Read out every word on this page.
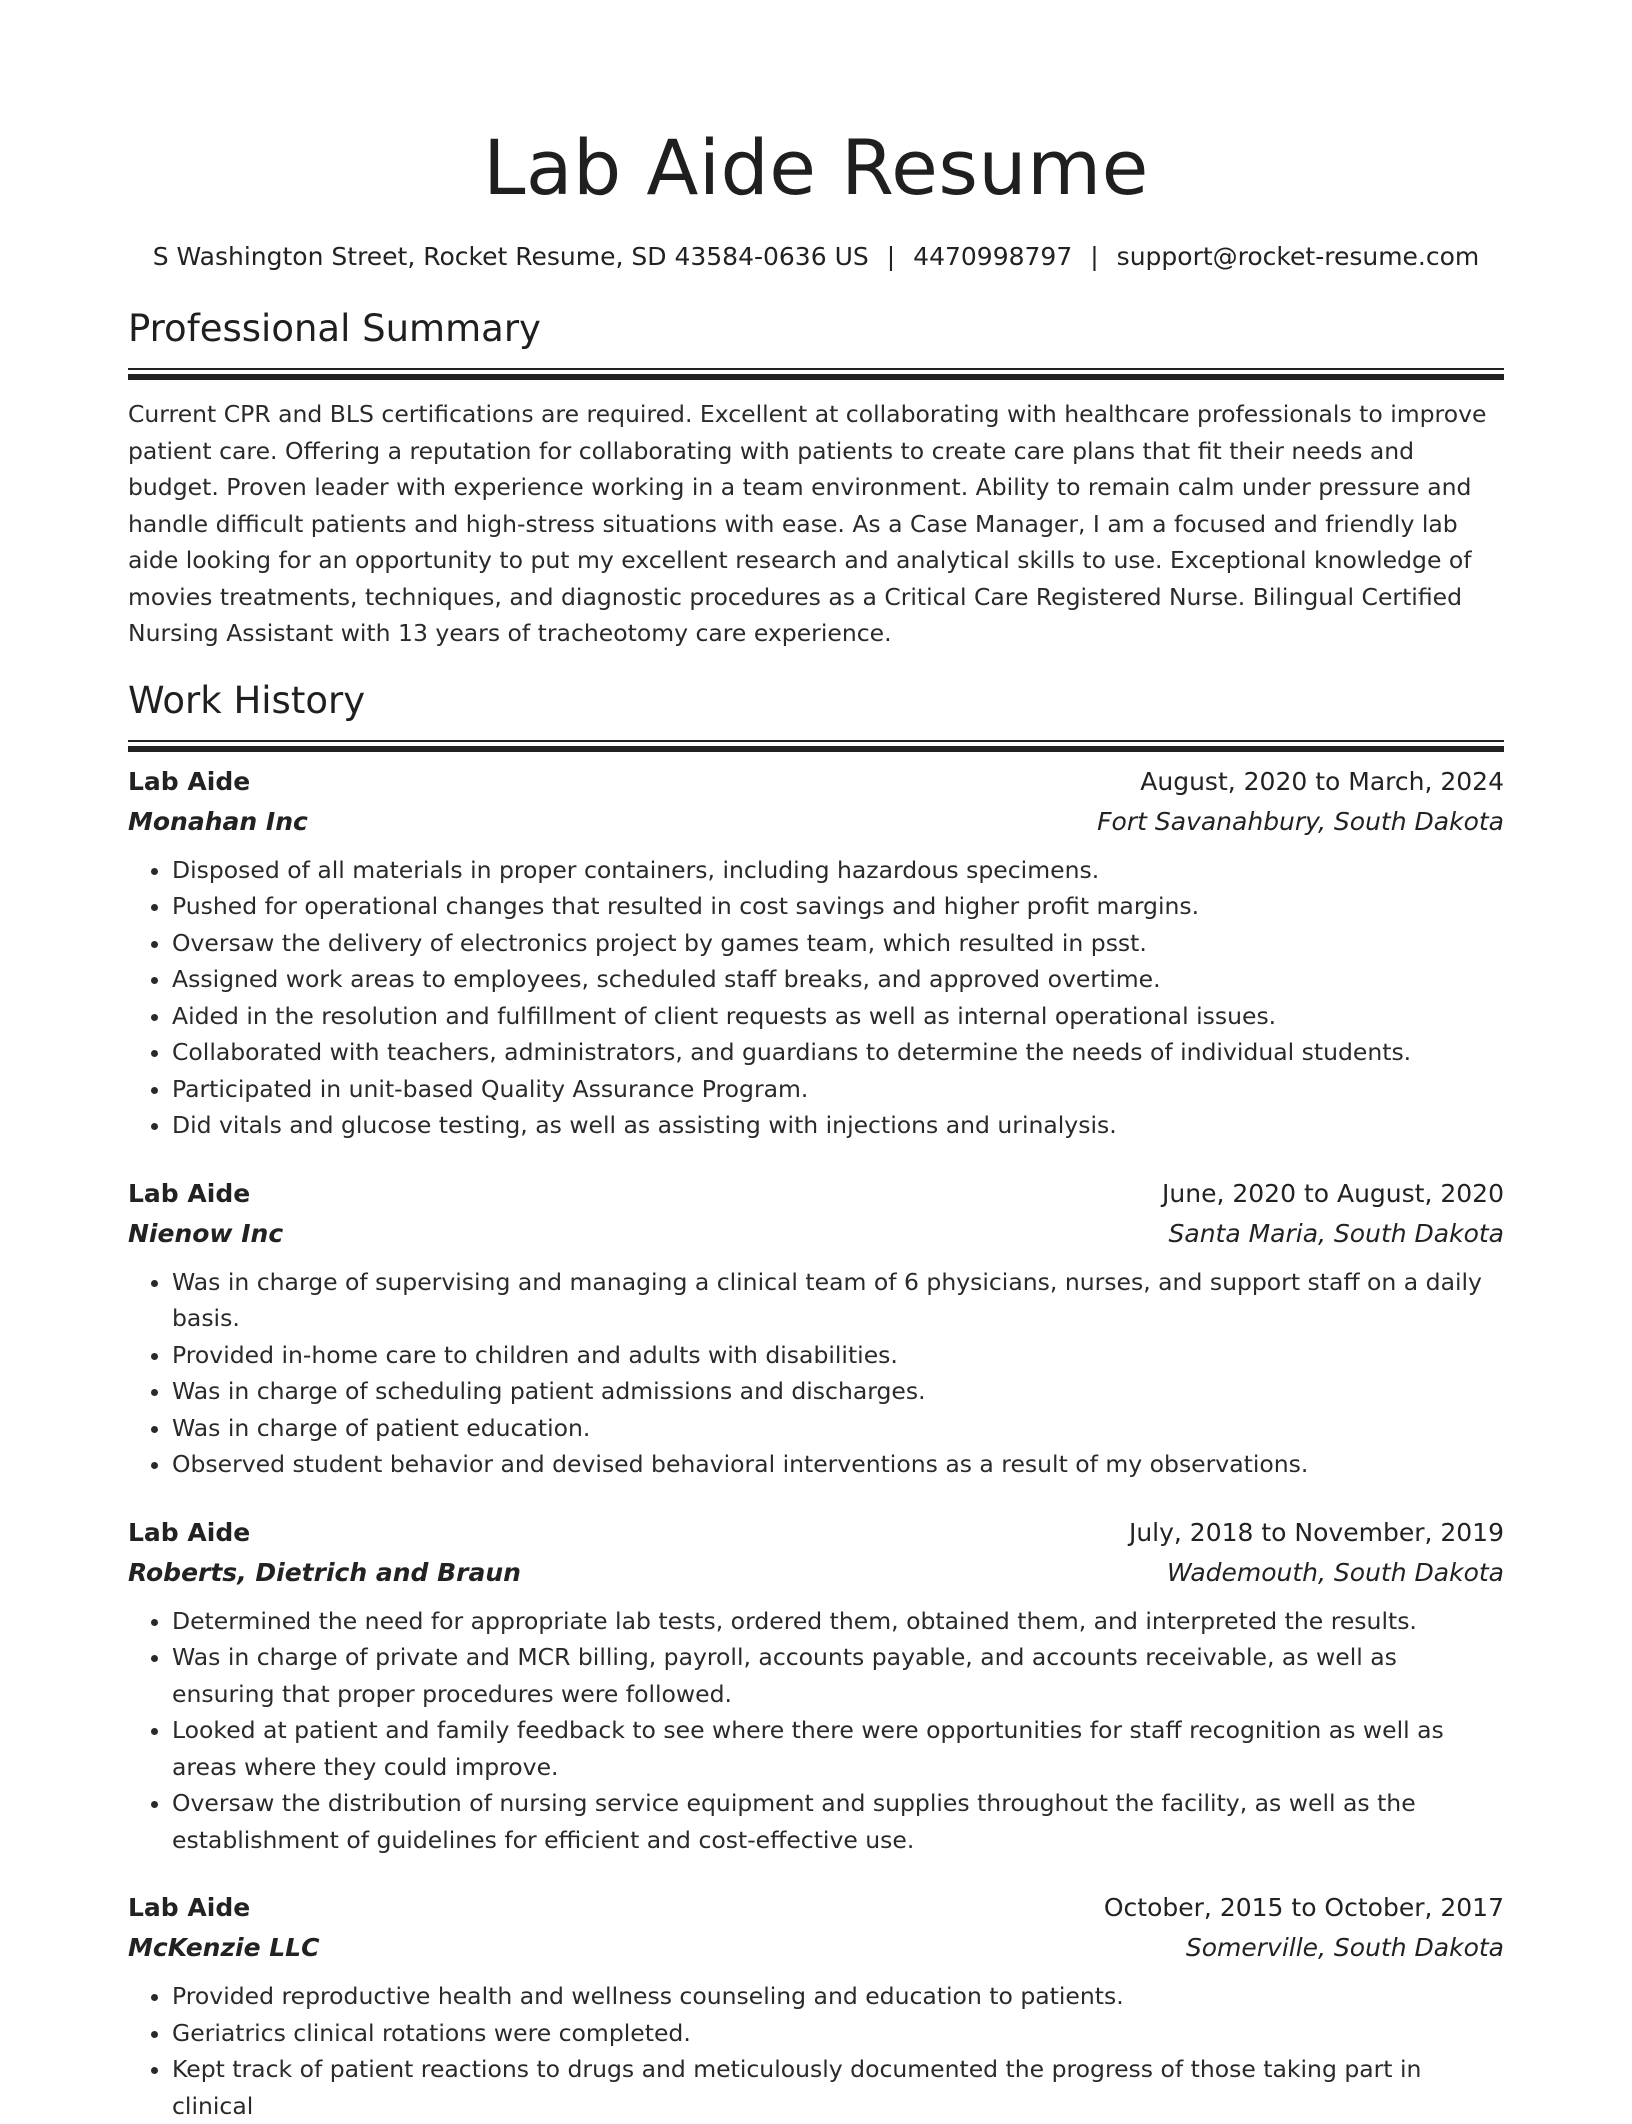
Lab Aide Resume
S Washington Street, Rocket Resume, SD 43584-0636 US | 4470998797 | support@rocket-resume.com
Professional Summary

Current CPR and BLS certifications are required. Excellent at collaborating with healthcare professionals to improve patient care. Offering a reputation for collaborating with patients to create care plans that fit their needs and budget. Proven leader with experience working in a team environment. Ability to remain calm under pressure and handle difficult patients and high-stress situations with ease. As a Case Manager, I am a focused and friendly lab aide looking for an opportunity to put my excellent research and analytical skills to use. Exceptional knowledge of movies treatments, techniques, and diagnostic procedures as a Critical Care Registered Nurse. Bilingual Certified Nursing Assistant with 13 years of tracheotomy care experience.

Work History
Lab Aide	August, 2020 to March, 2024
Monahan Inc	Fort Savanahbury, South Dakota
• Disposed of all materials in proper containers, including hazardous specimens.
• Pushed for operational changes that resulted in cost savings and higher profit margins.
• Oversaw the delivery of electronics project by games team, which resulted in psst.
• Assigned work areas to employees, scheduled staff breaks, and approved overtime.
• Aided in the resolution and fulfillment of client requests as well as internal operational issues.
• Collaborated with teachers, administrators, and guardians to determine the needs of individual students.
• Participated in unit-based Quality Assurance Program.
• Did vitals and glucose testing, as well as assisting with injections and urinalysis.
Lab Aide	June, 2020 to August, 2020
Nienow Inc	Santa Maria, South Dakota
• Was in charge of supervising and managing a clinical team of 6 physicians, nurses, and support staff on a daily basis.
• Provided in-home care to children and adults with disabilities.
• Was in charge of scheduling patient admissions and discharges.
• Was in charge of patient education.
• Observed student behavior and devised behavioral interventions as a result of my observations.
Lab Aide	July, 2018 to November, 2019
Roberts, Dietrich and Braun	Wademouth, South Dakota
• Determined the need for appropriate lab tests, ordered them, obtained them, and interpreted the results.
• Was in charge of private and MCR billing, payroll, accounts payable, and accounts receivable, as well as ensuring that proper procedures were followed.
• Looked at patient and family feedback to see where there were opportunities for staff recognition as well as areas where they could improve.
• Oversaw the distribution of nursing service equipment and supplies throughout the facility, as well as the establishment of guidelines for efficient and cost-effective use.
Lab Aide	October, 2015 to October, 2017
McKenzie LLC	Somerville, South Dakota
• Provided reproductive health and wellness counseling and education to patients.
• Geriatrics clinical rotations were completed.
• Kept track of patient reactions to drugs and meticulously documented the progress of those taking part in clinical
